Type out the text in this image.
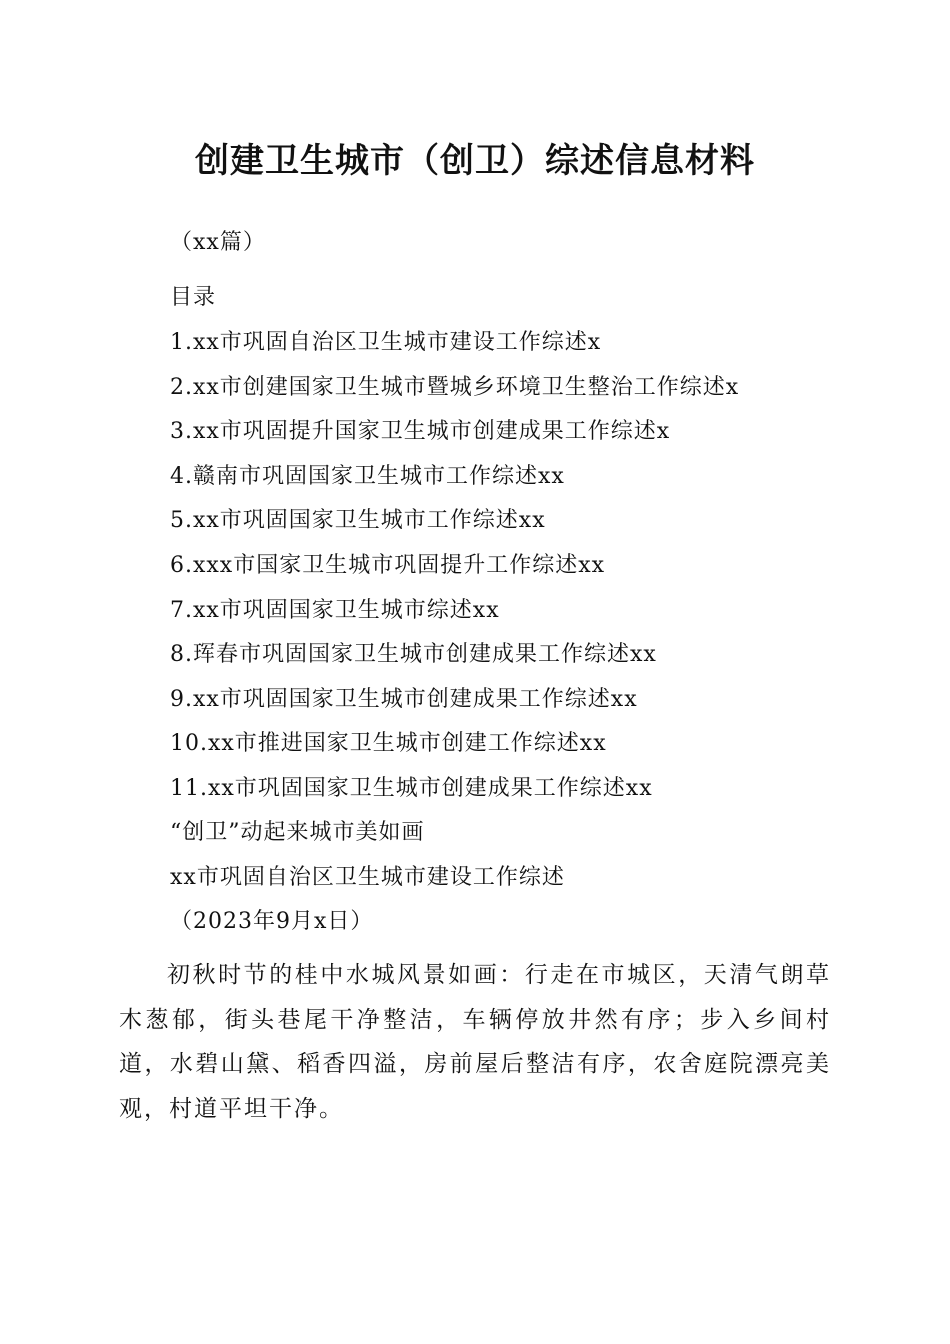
创建卫生城市（创卫）综述信息材料
（xx篇）
目录
1.xx市巩固自治区卫生城市建设工作综述x
2.xx市创建国家卫生城市暨城乡环境卫生整治工作综述x
3.xx市巩固提升国家卫生城市创建成果工作综述x
4.赣南市巩固国家卫生城市工作综述xx
5.xx市巩固国家卫生城市工作综述xx
6.xxx市国家卫生城市巩固提升工作综述xx
7.xx市巩固国家卫生城市综述xx
8.珲春市巩固国家卫生城市创建成果工作综述xx
9.xx市巩固国家卫生城市创建成果工作综述xx
10.xx市推进国家卫生城市创建工作综述xx
11.xx市巩固国家卫生城市创建成果工作综述xx
“创卫”动起来城市美如画
xx市巩固自治区卫生城市建设工作综述
（2023年9月x日）
初秋时节的桂中水城风景如画：行走在市城区，天清气朗草木葱郁，街头巷尾干净整洁，车辆停放井然有序；步入乡间村道，水碧山黛、稻香四溢，房前屋后整洁有序，农舍庭院漂亮美观，村道平坦干净。
